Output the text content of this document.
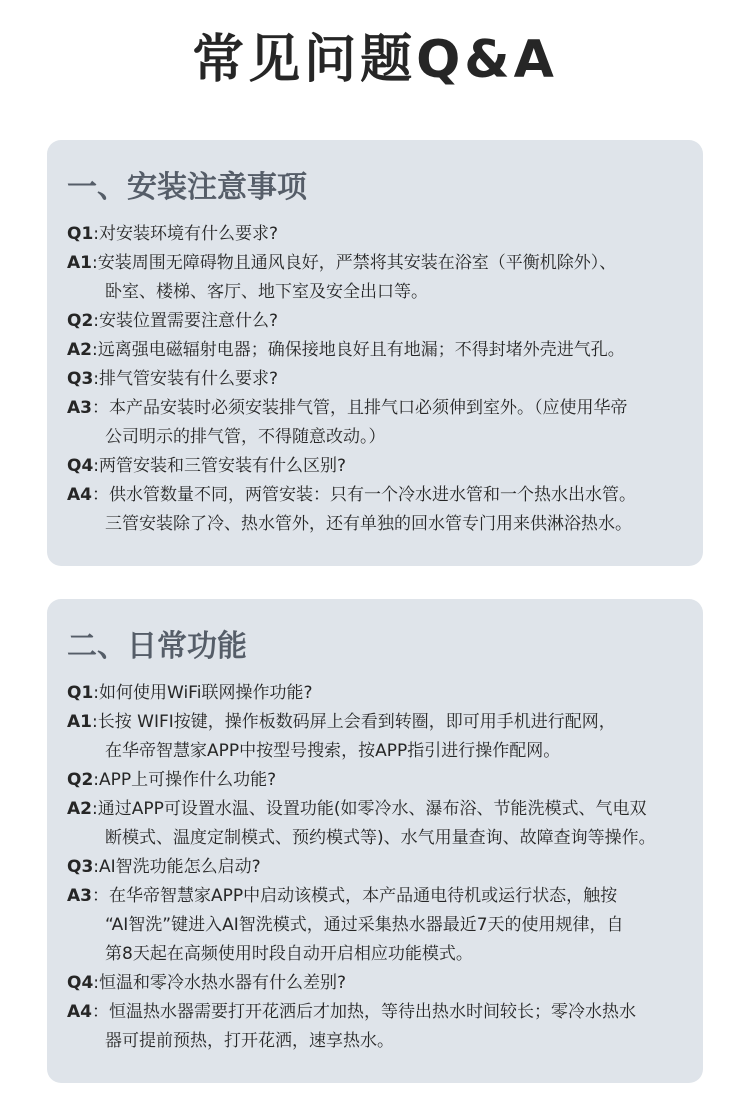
常见问题Q&A
一、安装注意事项
Q1 : 对安装环境有什么要求?
A1 : 安装周围无障碍物且通风良好，严禁将其安装在浴室（平衡机除外）、
卧室、楼梯、客厅、地下室及安全出口等。
Q2 : 安装位置需要注意什么?
A2 : 远离强电磁辐射电器；确保接地良好且有地漏；不得封堵外壳进气孔。
Q3 : 排气管安装有什么要求?
A3 ： 本产品安装时必须安装排气管，且排气口必须伸到室外。（应使用华帝
公司明示的排气管，不得随意改动。）
Q4 : 两管安装和三管安装有什么区别?
A4 ： 供水管数量不同，两管安装：只有一个冷水进水管和一个热水出水管。
三管安装除了冷、热水管外，还有单独的回水管专门用来供淋浴热水。
二、日常功能
Q1 : 如何使用WiFi联网操作功能?
A1 : 长按 WIFI按键，操作板数码屏上会看到转圈，即可用手机进行配网，
在华帝智慧家APP中按型号搜索，按APP指引进行操作配网。
Q2 : APP上可操作什么功能?
A2 : 通过APP可设置水温、设置功能(如零冷水、瀑布浴、节能洗模式、气电双
断模式、温度定制模式、预约模式等)、水气用量查询、故障查询等操作。
Q3 : AI智洗功能怎么启动?
A3 ： 在华帝智慧家APP中启动该模式，本产品通电待机或运行状态，触按
“AI智洗”键进入AI智洗模式，通过采集热水器最近7天的使用规律，自
第8天起在高频使用时段自动开启相应功能模式。
Q4 : 恒温和零冷水热水器有什么差别?
A4 ： 恒温热水器需要打开花洒后才加热，等待出热水时间较长；零冷水热水
器可提前预热，打开花洒，速享热水。
